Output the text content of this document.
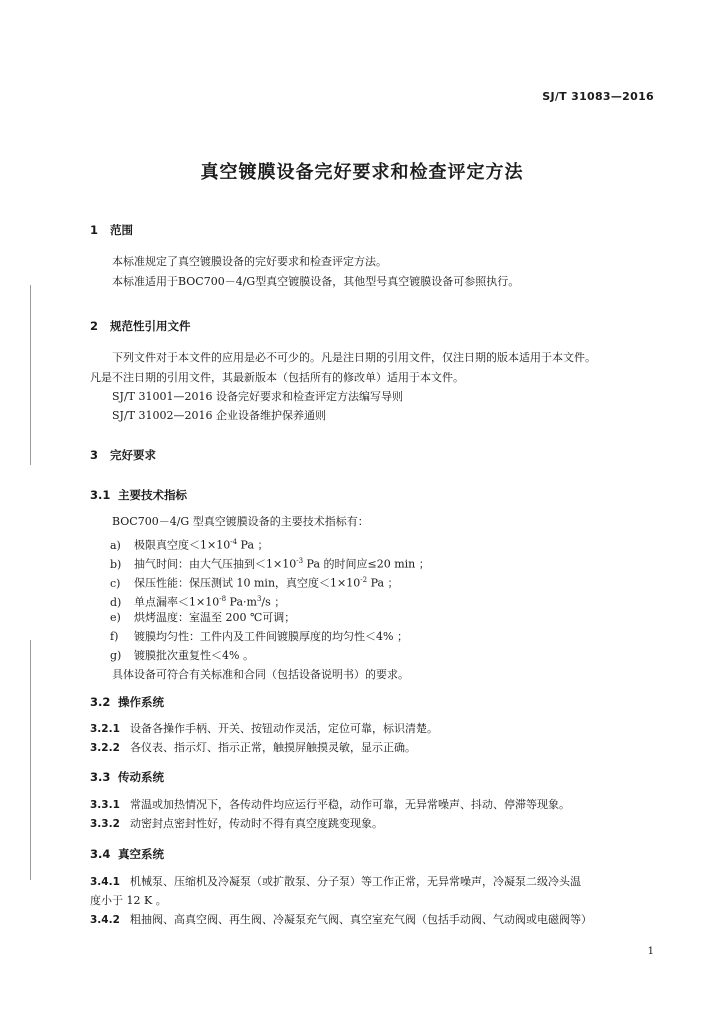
SJ/T 31083—2016
真空镀膜设备完好要求和检查评定方法
1 范围
本标准规定了真空镀膜设备的完好要求和检查评定方法。
本标准适用于BOC700－4/G型真空镀膜设备，其他型号真空镀膜设备可参照执行。
2 规范性引用文件
下列文件对于本文件的应用是必不可少的。凡是注日期的引用文件，仅注日期的版本适用于本文件。
凡是不注日期的引用文件，其最新版本（包括所有的修改单）适用于本文件。
SJ/T 31001—2016 设备完好要求和检查评定方法编写导则
SJ/T 31002—2016 企业设备维护保养通则
3 完好要求
3.1 主要技术指标
BOC700－4/G 型真空镀膜设备的主要技术指标有：
a) 极限真空度$<1\times 10^{-4}$ Pa ；
b) 抽气时间：由大气压抽到$<1\times 10^{-3}$ Pa 的时间应≤20 min ；
c) 保压性能：保压测试 10 min，真空度$<1\times 10^{-2}$ Pa ；
d) 单点漏率$<1\times 10^{-8}$ $Pa\cdot m^3/s$ ；
e) 烘烤温度：室温至 200 ℃可调；
f) 镀膜均匀性：工件内及工件间镀膜厚度的均匀性＜4% ；
g) 镀膜批次重复性＜4% 。
具体设备可符合有关标准和合同（包括设备说明书）的要求。
3.2 操作系统
3.2.1 设备各操作手柄、开关、按钮动作灵活，定位可靠，标识清楚。
3.2.2 各仪表、指示灯、指示正常，触摸屏触摸灵敏，显示正确。
3.3 传动系统
3.3.1 常温或加热情况下，各传动件均应运行平稳，动作可靠，无异常噪声、抖动、停滞等现象。
3.3.2 动密封点密封性好，传动时不得有真空度跳变现象。
3.4 真空系统
3.4.1 机械泵、压缩机及冷凝泵（或扩散泵、分子泵）等工作正常，无异常噪声，冷凝泵二级冷头温
度小于 12 K 。
3.4.2 粗抽阀、高真空阀、再生阀、冷凝泵充气阀、真空室充气阀（包括手动阀、气动阀或电磁阀等）
1
